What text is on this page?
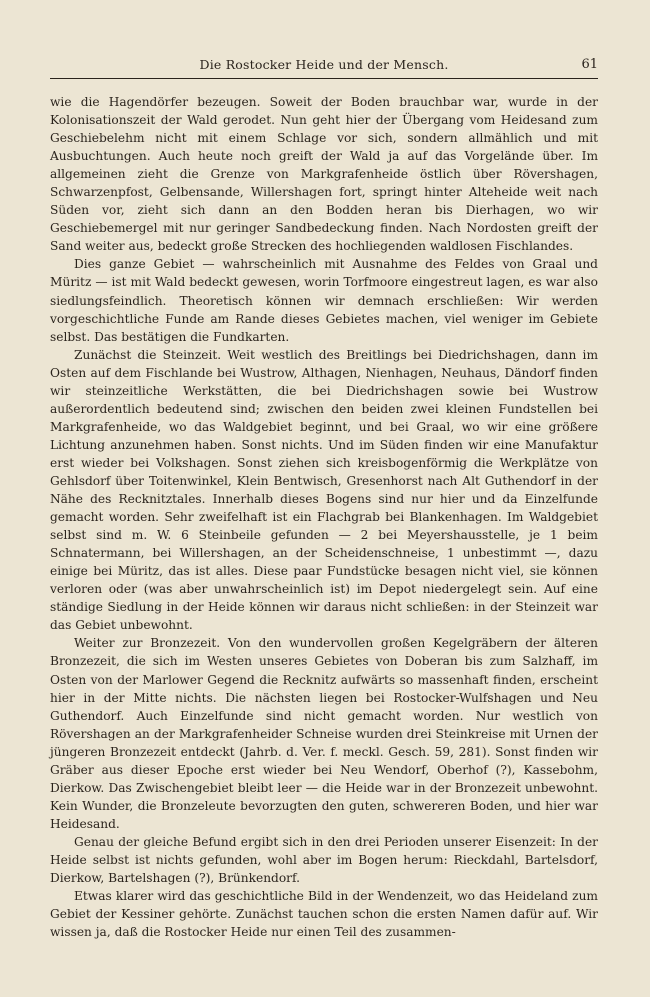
Die Rostocker Heide und der Mensch.	61

wie die Hagendörfer bezeugen. Soweit der Boden brauchbar war, wurde in der Kolonisationszeit der Wald gerodet. Nun geht hier der Übergang vom Heidesand zum Geschiebelehm nicht mit einem Schlage vor sich, sondern allmählich und mit Ausbuchtungen. Auch heute noch greift der Wald ja auf das Vorgelände über. Im allgemeinen zieht die Grenze von Markgrafenheide östlich über Rövershagen, Schwarzenpfost, Gelbensande, Willershagen fort, springt hinter Alteheide weit nach Süden vor, zieht sich dann an den Bodden heran bis Dierhagen, wo wir Geschiebemergel mit nur geringer Sandbedeckung finden. Nach Nordosten greift der Sand weiter aus, bedeckt große Strecken des hochliegenden waldlosen Fischlandes.

Dies ganze Gebiet — wahrscheinlich mit Ausnahme des Feldes von Graal und Müritz — ist mit Wald bedeckt gewesen, worin Torfmoore eingestreut lagen, es war also siedlungsfeindlich. Theoretisch können wir demnach erschließen: Wir werden vorgeschichtliche Funde am Rande dieses Gebietes machen, viel weniger im Gebiete selbst. Das bestätigen die Fundkarten.

Zunächst die Steinzeit. Weit westlich des Breitlings bei Diedrichshagen, dann im Osten auf dem Fischlande bei Wustrow, Althagen, Nienhagen, Neuhaus, Dändorf finden wir steinzeitliche Werkstätten, die bei Diedrichshagen sowie bei Wustrow außerordentlich bedeutend sind; zwischen den beiden zwei kleinen Fundstellen bei Markgrafenheide, wo das Waldgebiet beginnt, und bei Graal, wo wir eine größere Lichtung anzunehmen haben. Sonst nichts. Und im Süden finden wir eine Manufaktur erst wieder bei Volkshagen. Sonst ziehen sich kreisbogenförmig die Werkplätze von Gehlsdorf über Toitenwinkel, Klein Bentwisch, Gresenhorst nach Alt Guthendorf in der Nähe des Recknitztales. Innerhalb dieses Bogens sind nur hier und da Einzelfunde gemacht worden. Sehr zweifelhaft ist ein Flachgrab bei Blankenhagen. Im Waldgebiet selbst sind m. W. 6 Steinbeile gefunden — 2 bei Meyershausstelle, je 1 beim Schnatermann, bei Willershagen, an der Scheidenschneise, 1 unbestimmt —, dazu einige bei Müritz, das ist alles. Diese paar Fundstücke besagen nicht viel, sie können verloren oder (was aber unwahrscheinlich ist) im Depot niedergelegt sein. Auf eine ständige Siedlung in der Heide können wir daraus nicht schließen: in der Steinzeit war das Gebiet unbewohnt.

Weiter zur Bronzezeit. Von den wundervollen großen Kegelgräbern der älteren Bronzezeit, die sich im Westen unseres Gebietes von Doberan bis zum Salzhaff, im Osten von der Marlower Gegend die Recknitz aufwärts so massenhaft finden, erscheint hier in der Mitte nichts. Die nächsten liegen bei Rostocker-Wulfshagen und Neu Guthendorf. Auch Einzelfunde sind nicht gemacht worden. Nur westlich von Rövershagen an der Markgrafenheider Schneise wurden drei Steinkreise mit Urnen der jüngeren Bronzezeit entdeckt (Jahrb. d. Ver. f. meckl. Gesch. 59, 281). Sonst finden wir Gräber aus dieser Epoche erst wieder bei Neu Wendorf, Oberhof (?), Kassebohm, Dierkow. Das Zwischengebiet bleibt leer — die Heide war in der Bronzezeit unbewohnt. Kein Wunder, die Bronzeleute bevorzugten den guten, schwereren Boden, und hier war Heidesand.

Genau der gleiche Befund ergibt sich in den drei Perioden unserer Eisenzeit: In der Heide selbst ist nichts gefunden, wohl aber im Bogen herum: Rieckdahl, Bartelsdorf, Dierkow, Bartelshagen (?), Brünkendorf.

Etwas klarer wird das geschichtliche Bild in der Wendenzeit, wo das Heideland zum Gebiet der Kessiner gehörte. Zunächst tauchen schon die ersten Namen dafür auf. Wir wissen ja, daß die Rostocker Heide nur einen Teil des zusammen-
